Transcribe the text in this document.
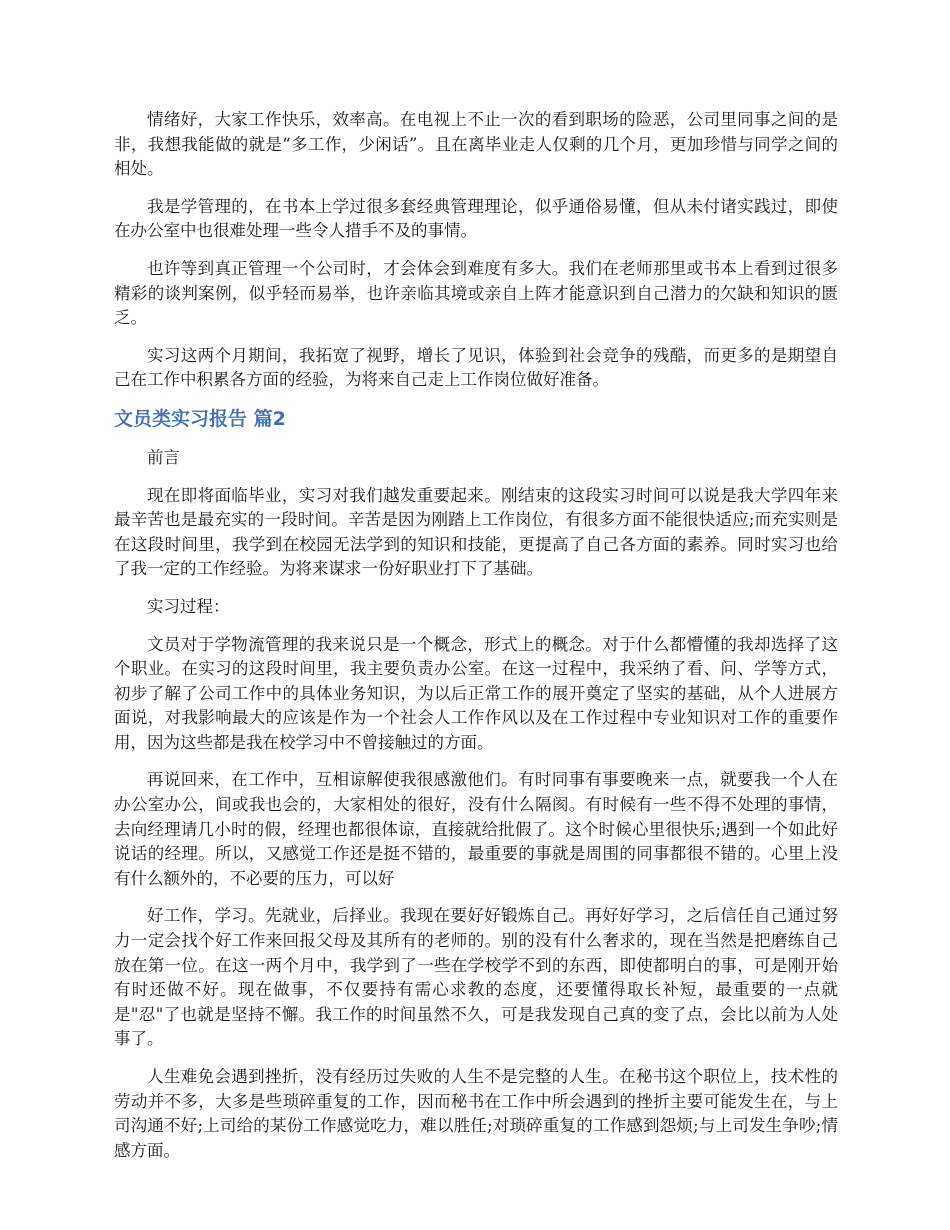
情绪好，大家工作快乐，效率高。在电视上不止一次的看到职场的险恶，公司里同事之间的是非，我想我能做的就是“多工作，少闲话”。且在离毕业走人仅剩的几个月，更加珍惜与同学之间的相处。

我是学管理的，在书本上学过很多套经典管理理论，似乎通俗易懂，但从未付诸实践过，即使在办公室中也很难处理一些令人措手不及的事情。

也许等到真正管理一个公司时，才会体会到难度有多大。我们在老师那里或书本上看到过很多精彩的谈判案例，似乎轻而易举，也许亲临其境或亲自上阵才能意识到自己潜力的欠缺和知识的匮乏。

实习这两个月期间，我拓宽了视野，增长了见识，体验到社会竞争的残酷，而更多的是期望自己在工作中积累各方面的经验，为将来自己走上工作岗位做好准备。

文员类实习报告 篇2

前言

现在即将面临毕业，实习对我们越发重要起来。刚结束的这段实习时间可以说是我大学四年来最辛苦也是最充实的一段时间。辛苦是因为刚踏上工作岗位，有很多方面不能很快适应;而充实则是在这段时间里，我学到在校园无法学到的知识和技能，更提高了自己各方面的素养。同时实习也给了我一定的工作经验。为将来谋求一份好职业打下了基础。

实习过程：

文员对于学物流管理的我来说只是一个概念，形式上的概念。对于什么都懵懂的我却选择了这个职业。在实习的这段时间里，我主要负责办公室。在这一过程中，我采纳了看、问、学等方式，初步了解了公司工作中的具体业务知识，为以后正常工作的展开奠定了坚实的基础，从个人进展方面说，对我影响最大的应该是作为一个社会人工作作风以及在工作过程中专业知识对工作的重要作用，因为这些都是我在校学习中不曾接触过的方面。

再说回来，在工作中，互相谅解使我很感激他们。有时同事有事要晚来一点，就要我一个人在办公室办公，间或我也会的，大家相处的很好，没有什么隔阂。有时候有一些不得不处理的事情，去向经理请几小时的假，经理也都很体谅，直接就给批假了。这个时候心里很快乐;遇到一个如此好说话的经理。所以，又感觉工作还是挺不错的，最重要的事就是周围的同事都很不错的。心里上没有什么额外的，不必要的压力，可以好

好工作，学习。先就业，后择业。我现在要好好锻炼自己。再好好学习，之后信任自己通过努力一定会找个好工作来回报父母及其所有的老师的。别的没有什么奢求的，现在当然是把磨练自己放在第一位。在这一两个月中，我学到了一些在学校学不到的东西，即使都明白的事，可是刚开始有时还做不好。现在做事，不仅要持有需心求教的态度，还要懂得取长补短，最重要的一点就是"忍"了也就是坚持不懈。我工作的时间虽然不久，可是我发现自己真的变了点，会比以前为人处事了。

人生难免会遇到挫折，没有经历过失败的人生不是完整的人生。在秘书这个职位上，技术性的劳动并不多，大多是些琐碎重复的工作，因而秘书在工作中所会遇到的挫折主要可能发生在，与上司沟通不好;上司给的某份工作感觉吃力，难以胜任;对琐碎重复的工作感到怨烦;与上司发生争吵;情感方面。
